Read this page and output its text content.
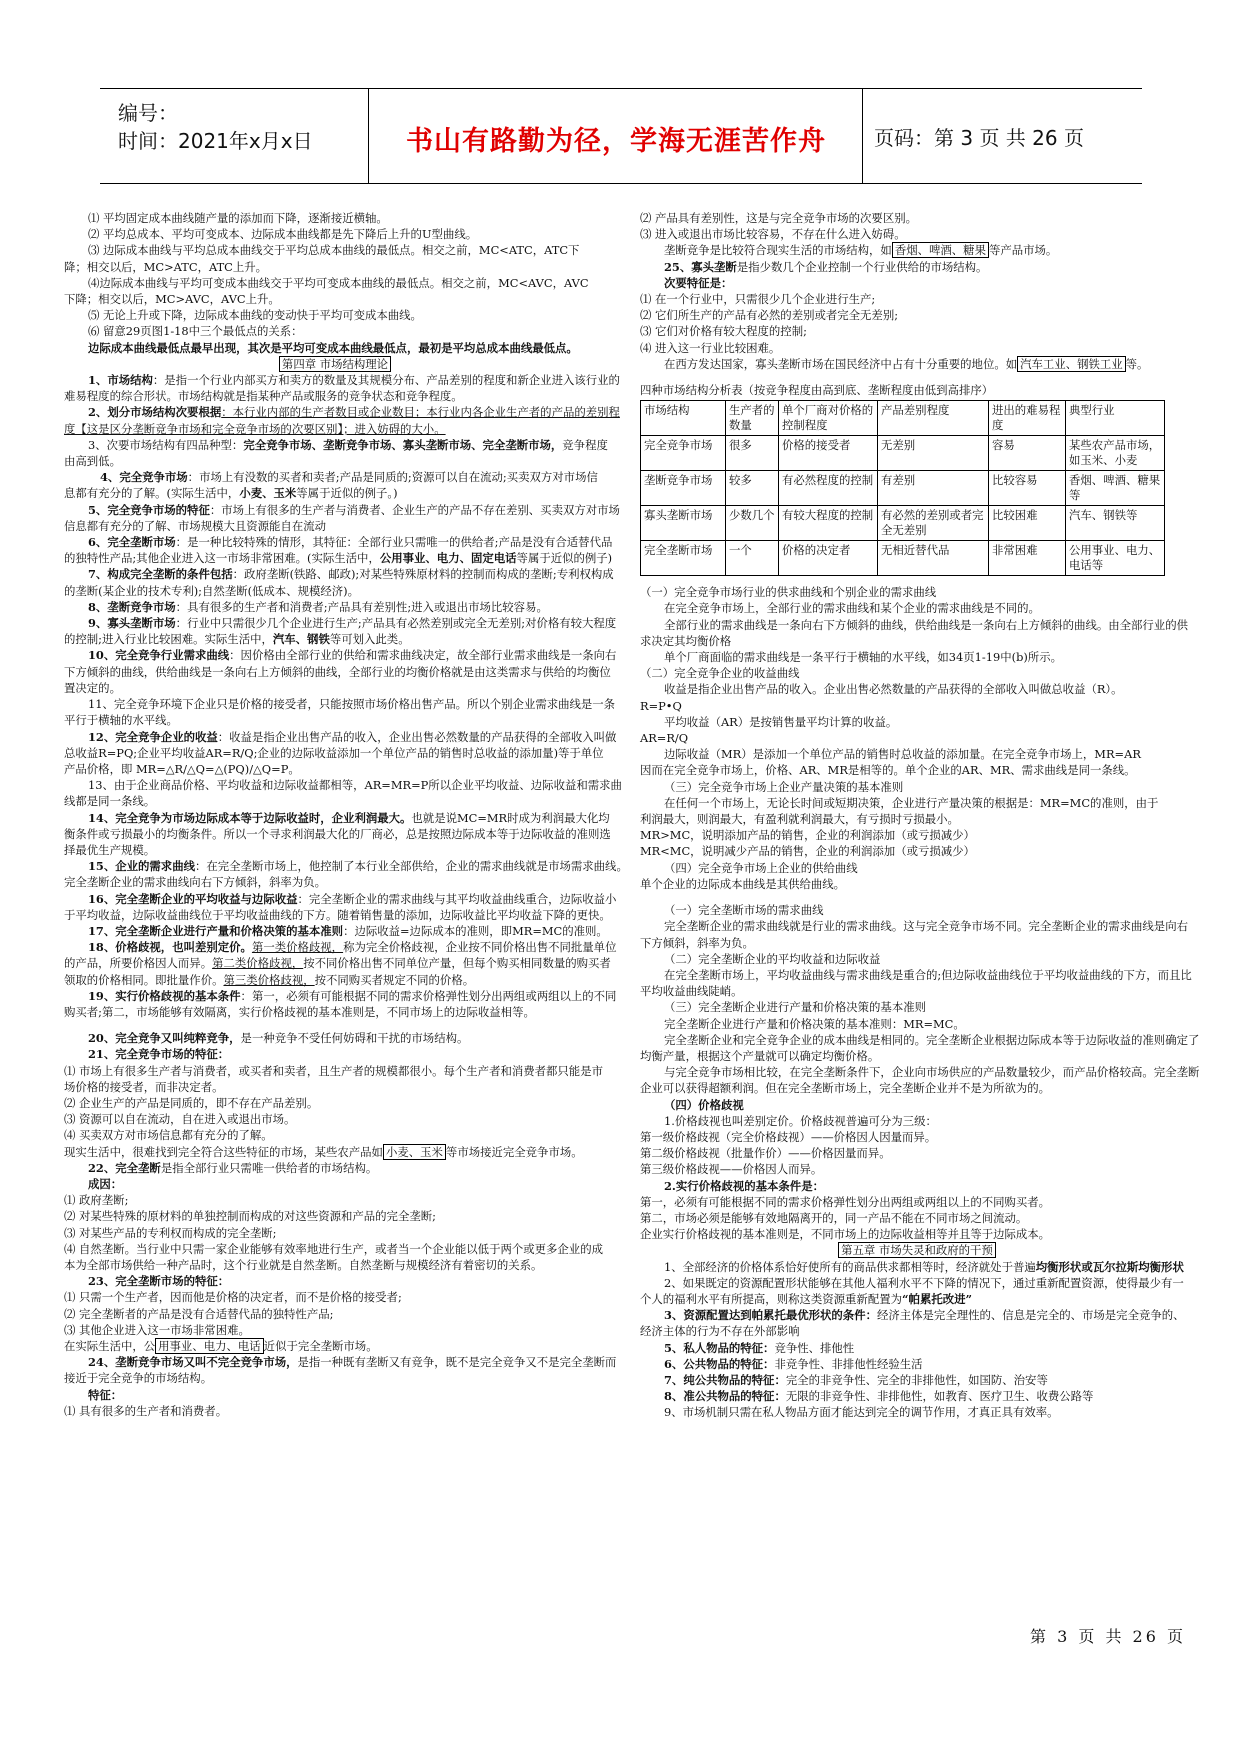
编号：
时间：2021年x月x日	书山有路勤为径，学海无涯苦作舟	页码：第 3 页 共 26 页

⑴ 平均固定成本曲线随产量的添加而下降，逐渐接近横轴。

⑵ 平均总成本、平均可变成本、边际成本曲线都是先下降后上升的U型曲线。

⑶ 边际成本曲线与平均总成本曲线交于平均总成本曲线的最低点。相交之前，MC<ATC，ATC下

降；相交以后，MC>ATC，ATC上升。

⑷边际成本曲线与平均可变成本曲线交于平均可变成本曲线的最低点。相交之前，MC<AVC，AVC

下降；相交以后，MC>AVC，AVC上升。

⑸ 无论上升或下降，边际成本曲线的变动快于平均可变成本曲线。

⑹ 留意29页图1-18中三个最低点的关系：

边际成本曲线最低点最早出现，其次是平均可变成本曲线最低点，最初是平均总成本曲线最低点。

第四章 市场结构理论

1、市场结构：是指一个行业内部买方和卖方的数量及其规模分布、产品差别的程度和新企业进入该行业的

难易程度的综合形状。市场结构就是指某种产品或服务的竞争状态和竞争程度。

2、划分市场结构次要根据：本行业内部的生产者数目或企业数目；本行业内各企业生产者的产品的差别程

度【这是区分垄断竞争市场和完全竞争市场的次要区别】；进入妨碍的大小。

3、次要市场结构有四品种型：完全竞争市场、垄断竞争市场、寡头垄断市场、完全垄断市场，竞争程度

由高到低。

4、完全竞争市场：市场上有没数的买者和卖者;产品是同质的;资源可以自在流动;买卖双方对市场信

息都有充分的了解。(实际生活中，小麦、玉米等属于近似的例子。)

5、完全竞争市场的特征：市场上有很多的生产者与消费者、企业生产的产品不存在差别、买卖双方对市场

信息都有充分的了解、市场规模大且资源能自在流动

6、完全垄断市场：是一种比较特殊的情形，其特征：全部行业只需唯一的供给者;产品是没有合适替代品

的独特性产品;其他企业进入这一市场非常困难。(实际生活中，公用事业、电力、固定电话等属于近似的例子)

7、构成完全垄断的条件包括：政府垄断(铁路、邮政);对某些特殊原材料的控制而构成的垄断;专利权构成

的垄断(某企业的技术专利);自然垄断(低成本、规模经济)。

8、垄断竞争市场：具有很多的生产者和消费者;产品具有差别性;进入或退出市场比较容易。

9、寡头垄断市场：行业中只需很少几个企业进行生产;产品具有必然差别或完全无差别;对价格有较大程度

的控制;进入行业比较困难。实际生活中，汽车、钢铁等可划入此类。

10、完全竞争行业需求曲线：因价格由全部行业的供给和需求曲线决定，故全部行业需求曲线是一条向右

下方倾斜的曲线，供给曲线是一条向右上方倾斜的曲线，全部行业的均衡价格就是由这类需求与供给的均衡位

置决定的。

11、完全竞争环境下企业只是价格的接受者，只能按照市场价格出售产品。所以个别企业需求曲线是一条

平行于横轴的水平线。

12、完全竞争企业的收益：收益是指企业出售产品的收入，企业出售必然数量的产品获得的全部收入叫做

总收益R=PQ;企业平均收益AR=R/Q;企业的边际收益添加一个单位产品的销售时总收益的添加量)等于单位

产品价格，即 MR=△R/△Q=△(PQ)/△Q=P。

13、由于企业商品价格、平均收益和边际收益都相等，AR=MR=P所以企业平均收益、边际收益和需求曲

线都是同一条线。

14、完全竞争为市场边际成本等于边际收益时，企业利润最大。也就是说MC=MR时成为利润最大化均

衡条件或亏损最小的均衡条件。所以一个寻求利润最大化的厂商必，总是按照边际成本等于边际收益的准则选

择最优生产规模。

15、企业的需求曲线：在完全垄断市场上，他控制了本行业全部供给，企业的需求曲线就是市场需求曲线。

完全垄断企业的需求曲线向右下方倾斜，斜率为负。

16、完全垄断企业的平均收益与边际收益：完全垄断企业的需求曲线与其平均收益曲线重合，边际收益小

于平均收益，边际收益曲线位于平均收益曲线的下方。随着销售量的添加，边际收益比平均收益下降的更快。

17、完全垄断企业进行产量和价格决策的基本准则：边际收益=边际成本的准则，即MR=MC的准则。

18、价格歧视，也叫差别定价。第一类价格歧视，称为完全价格歧视，企业按不同价格出售不同批量单位

的产品，所要价格因人而异。第二类价格歧视，按不同价格出售不同单位产量，但每个购买相同数量的购买者

领取的价格相同。即批量作价。第三类价格歧视，按不同购买者规定不同的价格。

19、实行价格歧视的基本条件：第一，必须有可能根据不同的需求价格弹性划分出两组或两组以上的不同

购买者;第二，市场能够有效隔离，实行价格歧视的基本准则是，不同市场上的边际收益相等。

20、完全竞争又叫纯粹竞争，是一种竞争不受任何妨碍和干扰的市场结构。

21、完全竞争市场的特征：

⑴ 市场上有很多生产者与消费者，或买者和卖者，且生产者的规模都很小。每个生产者和消费者都只能是市

场价格的接受者，而非决定者。

⑵ 企业生产的产品是同质的，即不存在产品差别。

⑶ 资源可以自在流动，自在进入或退出市场。

⑷ 买卖双方对市场信息都有充分的了解。

现实生活中，很难找到完全符合这些特征的市场，某些农产品如 小麦、玉米 等市场接近完全竞争市场。

22、完全垄断是指全部行业只需唯一供给者的市场结构。

成因：

⑴ 政府垄断;

⑵ 对某些特殊的原材料的单独控制而构成的对这些资源和产品的完全垄断;

⑶ 对某些产品的专利权而构成的完全垄断;

⑷ 自然垄断。当行业中只需一家企业能够有效率地进行生产，或者当一个企业能以低于两个或更多企业的成

本为全部市场供给一种产品时，这个行业就是自然垄断。自然垄断与规模经济有着密切的关系。

23、完全垄断市场的特征：

⑴ 只需一个生产者，因而他是价格的决定者，而不是价格的接受者;

⑵ 完全垄断者的产品是没有合适替代品的独特性产品;

⑶ 其他企业进入这一市场非常困难。

在实际生活中，公 用事业、电力、电话 近似于完全垄断市场。

24、垄断竞争市场又叫不完全竞争市场，是指一种既有垄断又有竞争，既不是完全竞争又不是完全垄断而

接近于完全竞争的市场结构。

特征：

⑴ 具有很多的生产者和消费者。

⑵ 产品具有差别性，这是与完全竞争市场的次要区别。

⑶ 进入或退出市场比较容易，不存在什么进入妨碍。

垄断竞争是比较符合现实生活的市场结构，如 香烟、啤酒、糖果 等产品市场。

25、寡头垄断是指少数几个企业控制一个行业供给的市场结构。

次要特征是：

⑴ 在一个行业中，只需很少几个企业进行生产;

⑵ 它们所生产的产品有必然的差别或者完全无差别;

⑶ 它们对价格有较大程度的控制;

⑷ 进入这一行业比较困难。

在西方发达国家，寡头垄断市场在国民经济中占有十分重要的地位。如 汽车工业、钢铁工业 等。

四种市场结构分析表（按竞争程度由高到底、垄断程度由低到高排序）

市场结构	生产者的数量	单个厂商对价格的控制程度	产品差别程度	进出的难易程度	典型行业
完全竞争市场	很多	价格的接受者	无差别	容易	某些农产品市场，如玉米、小麦
垄断竞争市场	较多	有必然程度的控制	有差别	比较容易	香烟、啤酒、糖果等
寡头垄断市场	少数几个	有较大程度的控制	有必然的差别或者完全无差别	比较困难	汽车、钢铁等
完全垄断市场	一个	价格的决定者	无相近替代品	非常困难	公用事业、电力、电话等

（一）完全竞争市场行业的供求曲线和个别企业的需求曲线

在完全竞争市场上，全部行业的需求曲线和某个企业的需求曲线是不同的。

全部行业的需求曲线是一条向右下方倾斜的曲线，供给曲线是一条向右上方倾斜的曲线。由全部行业的供

求决定其均衡价格

单个厂商面临的需求曲线是一条平行于横轴的水平线，如34页1-19中(b)所示。

（二）完全竞争企业的收益曲线

收益是指企业出售产品的收入。企业出售必然数量的产品获得的全部收入叫做总收益（R）。

R=P•Q

平均收益（AR）是按销售量平均计算的收益。

AR=R/Q

边际收益（MR）是添加一个单位产品的销售时总收益的添加量。在完全竞争市场上，MR=AR

因而在完全竞争市场上，价格、AR、MR是相等的。单个企业的AR、MR、需求曲线是同一条线。

（三）完全竞争市场上企业产量决策的基本准则

在任何一个市场上，无论长时间或短期决策，企业进行产量决策的根据是：MR=MC的准则，由于

利润最大，则润最大，有盈利就利润最大，有亏损时亏损最小。

MR>MC，说明添加产品的销售，企业的利润添加（或亏损减少）

MR<MC，说明减少产品的销售，企业的利润添加（或亏损减少）

（四）完全竞争市场上企业的供给曲线

单个企业的边际成本曲线是其供给曲线。

（一）完全垄断市场的需求曲线

完全垄断企业的需求曲线就是行业的需求曲线。这与完全竞争市场不同。完全垄断企业的需求曲线是向右

下方倾斜，斜率为负。

（二）完全垄断企业的平均收益和边际收益

在完全垄断市场上，平均收益曲线与需求曲线是重合的;但边际收益曲线位于平均收益曲线的下方，而且比

平均收益曲线陡峭。

（三）完全垄断企业进行产量和价格决策的基本准则

完全垄断企业进行产量和价格决策的基本准则：MR=MC。

完全垄断企业和完全竞争企业的成本曲线是相同的。完全垄断企业根据边际成本等于边际收益的准则确定了

均衡产量，根据这个产量就可以确定均衡价格。

与完全竞争市场相比较，在完全垄断条件下，企业向市场供应的产品数量较少，而产品价格较高。完全垄断

企业可以获得超额利润。但在完全垄断市场上，完全垄断企业并不是为所欲为的。

（四）价格歧视

1.价格歧视也叫差别定价。价格歧视普遍可分为三级：

第一级价格歧视（完全价格歧视）——价格因人因量而异。

第二级价格歧视（批量作价）——价格因量而异。

第三级价格歧视——价格因人而异。

2.实行价格歧视的基本条件是：

第一，必须有可能根据不同的需求价格弹性划分出两组或两组以上的不同购买者。

第二，市场必须是能够有效地隔离开的，同一产品不能在不同市场之间流动。

企业实行价格歧视的基本准则是，不同市场上的边际收益相等并且等于边际成本。

第五章 市场失灵和政府的干预

1、全部经济的价格体系恰好使所有的商品供求都相等时，经济就处于普遍均衡形状或瓦尔拉斯均衡形状

2、如果既定的资源配置形状能够在其他人福利水平不下降的情况下，通过重新配置资源，使得最少有一

个人的福利水平有所提高，则称这类资源重新配置为“帕累托改进”

3、资源配置达到帕累托最优形状的条件：经济主体是完全理性的、信息是完全的、市场是完全竞争的、

经济主体的行为不存在外部影响

5、私人物品的特征：竞争性、排他性

6、公共物品的特征：非竞争性、非排他性经验生活

7、纯公共物品的特征：完全的非竞争性、完全的非排他性，如国防、治安等

8、准公共物品的特征：无限的非竞争性、非排他性，如教育、医疗卫生、收费公路等

9、市场机制只需在私人物品方面才能达到完全的调节作用，才真正具有效率。

第 3 页 共 26 页
